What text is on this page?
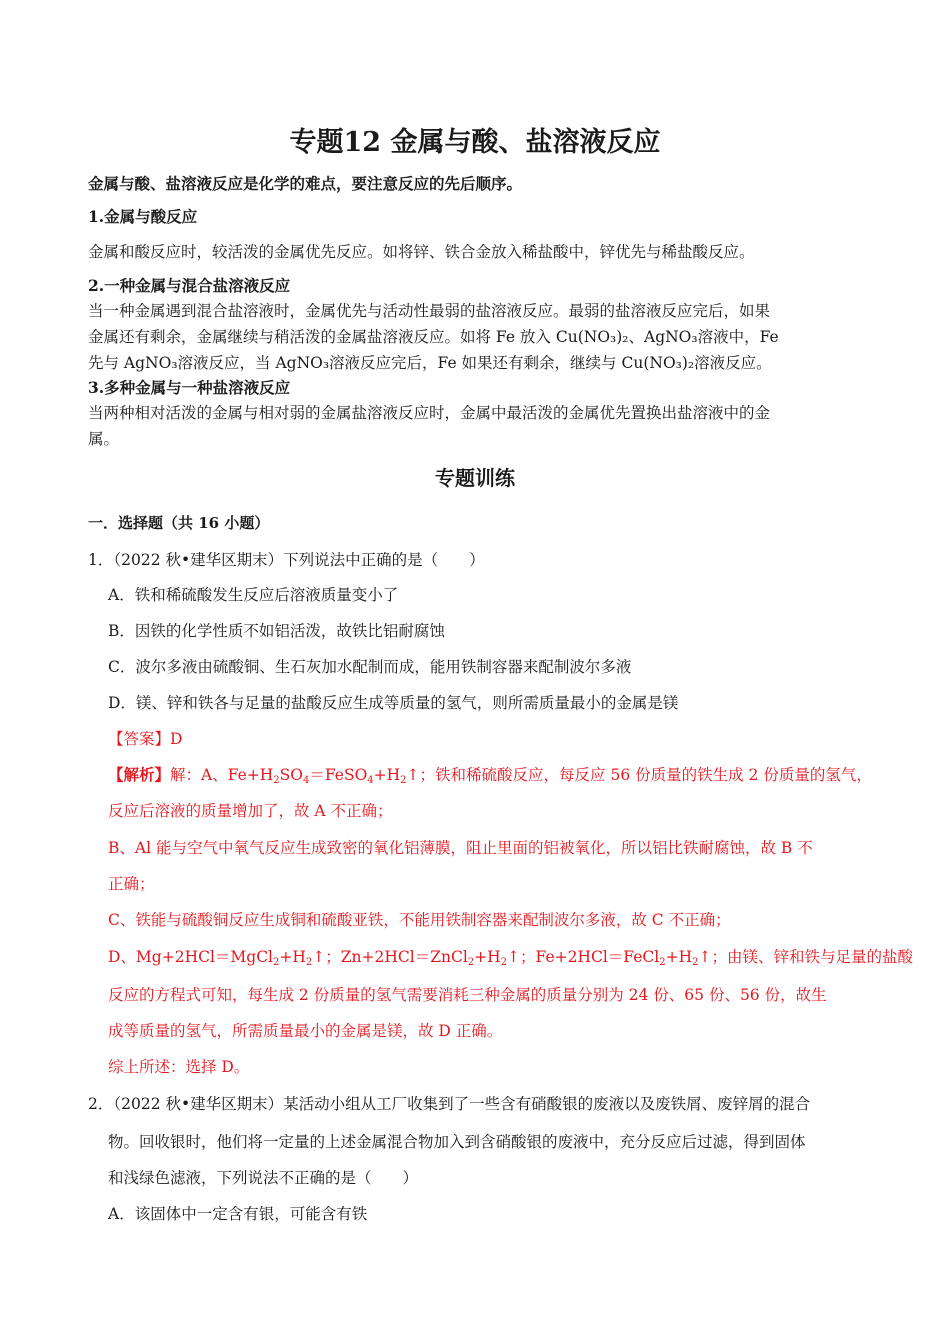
专题12 金属与酸、盐溶液反应
金属与酸、盐溶液反应是化学的难点，要注意反应的先后顺序。
1.金属与酸反应
金属和酸反应时，较活泼的金属优先反应。如将锌、铁合金放入稀盐酸中，锌优先与稀盐酸反应。
2.一种金属与混合盐溶液反应
当一种金属遇到混合盐溶液时，金属优先与活动性最弱的盐溶液反应。最弱的盐溶液反应完后，如果
金属还有剩余，金属继续与稍活泼的金属盐溶液反应。如将 Fe 放入 Cu(NO₃)₂、AgNO₃溶液中，Fe
先与 AgNO₃溶液反应，当 AgNO₃溶液反应完后，Fe 如果还有剩余，继续与 Cu(NO₃)₂溶液反应。
3.多种金属与一种盐溶液反应
当两种相对活泼的金属与相对弱的金属盐溶液反应时，金属中最活泼的金属优先置换出盐溶液中的金
属。
专题训练
一．选择题（共 16 小题）
1．（2022 秋•建华区期末）下列说法中正确的是（　　）
A．铁和稀硫酸发生反应后溶液质量变小了
B．因铁的化学性质不如铝活泼，故铁比铝耐腐蚀
C．波尔多液由硫酸铜、生石灰加水配制而成，能用铁制容器来配制波尔多液
D．镁、锌和铁各与足量的盐酸反应生成等质量的氢气，则所需质量最小的金属是镁
【答案】D
【解析】解：A、$Fe+H_2SO_4=FeSO_4+H_2↑$；铁和稀硫酸反应，每反应 56 份质量的铁生成 2 份质量的氢气，
反应后溶液的质量增加了，故 A 不正确；
B、Al 能与空气中氧气反应生成致密的氧化铝薄膜，阻止里面的铝被氧化，所以铝比铁耐腐蚀，故 B 不
正确；
C、铁能与硫酸铜反应生成铜和硫酸亚铁，不能用铁制容器来配制波尔多液，故 C 不正确；
D、$Mg+2HCl=MgCl_2+H_2↑$；$Zn+2HCl=ZnCl_2+H_2↑$；$Fe+2HCl=FeCl_2+H_2↑$；由镁、锌和铁与足量的盐酸
反应的方程式可知，每生成 2 份质量的氢气需要消耗三种金属的质量分别为 24 份、65 份、56 份，故生
成等质量的氢气，所需质量最小的金属是镁，故 D 正确。
综上所述：选择 D。
2．（2022 秋•建华区期末）某活动小组从工厂收集到了一些含有硝酸银的废液以及废铁屑、废锌屑的混合
物。回收银时，他们将一定量的上述金属混合物加入到含硝酸银的废液中，充分反应后过滤，得到固体
和浅绿色滤液，下列说法不正确的是（　　）
A．该固体中一定含有银，可能含有铁
